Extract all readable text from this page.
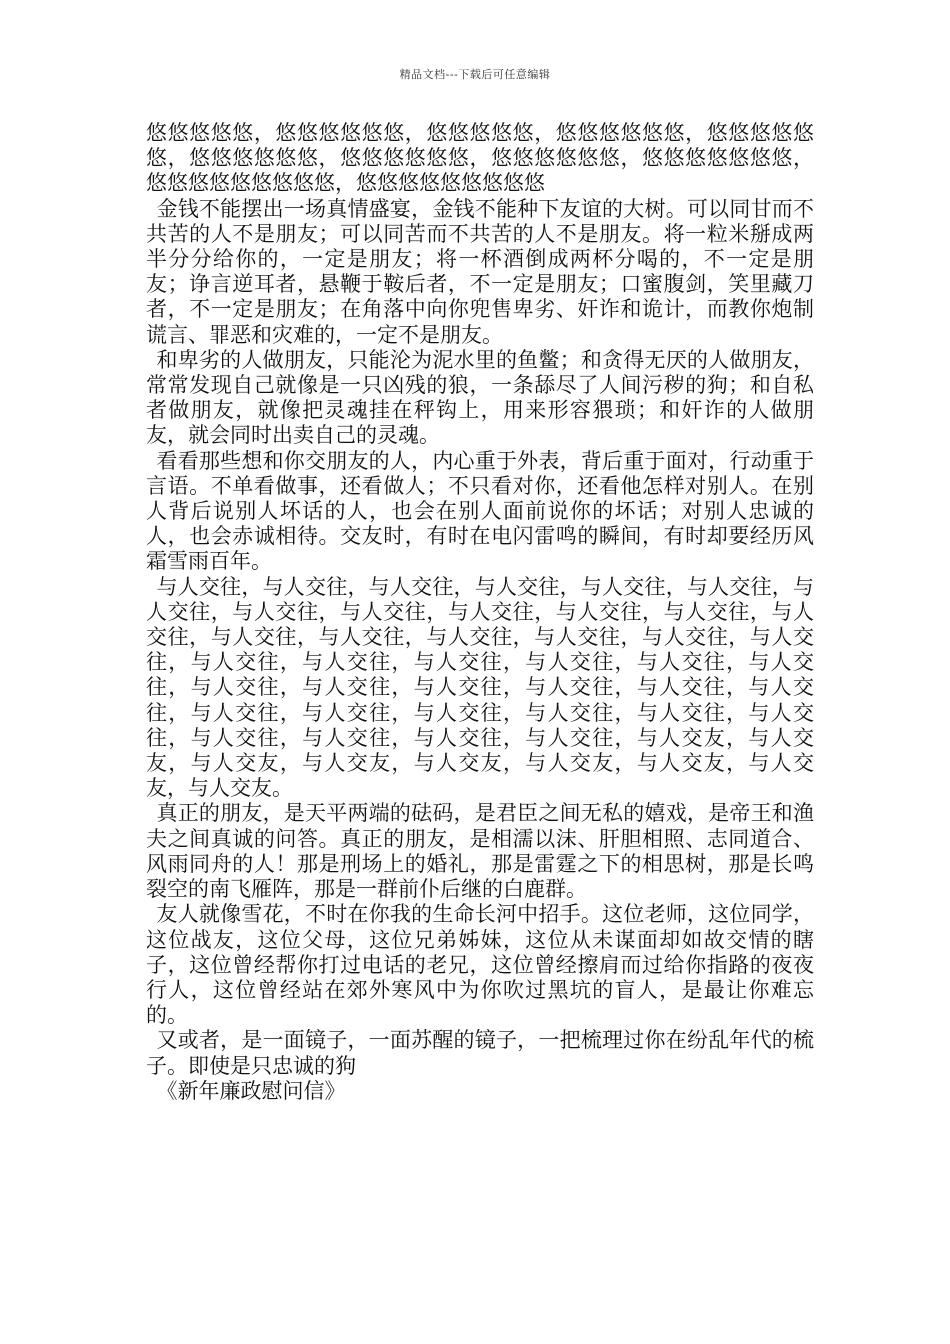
精品文档---下载后可任意编辑

悠悠悠悠悠，悠悠悠悠悠悠，悠悠悠悠悠，悠悠悠悠悠悠，悠悠悠悠悠悠，悠悠悠悠悠悠，悠悠悠悠悠悠，悠悠悠悠悠悠，悠悠悠悠悠悠悠，悠悠悠悠悠悠悠悠悠，悠悠悠悠悠悠悠悠悠

金钱不能摆出一场真情盛宴，金钱不能种下友谊的大树。可以同甘而不共苦的人不是朋友；可以同苦而不共苦的人不是朋友。将一粒米掰成两半分分给你的，一定是朋友；将一杯酒倒成两杯分喝的，不一定是朋友；诤言逆耳者，悬鞭于鞍后者，不一定是朋友；口蜜腹剑，笑里藏刀者，不一定是朋友；在角落中向你兜售卑劣、奸诈和诡计，而教你炮制谎言、罪恶和灾难的，一定不是朋友。

和卑劣的人做朋友，只能沦为泥水里的鱼鳖；和贪得无厌的人做朋友，常常发现自己就像是一只凶残的狼，一条舔尽了人间污秽的狗；和自私者做朋友，就像把灵魂挂在秤钩上，用来形容猥琐；和奸诈的人做朋友，就会同时出卖自己的灵魂。

看看那些想和你交朋友的人，内心重于外表，背后重于面对，行动重于言语。不单看做事，还看做人；不只看对你，还看他怎样对别人。在别人背后说别人坏话的人，也会在别人面前说你的坏话；对别人忠诚的人，也会赤诚相待。交友时，有时在电闪雷鸣的瞬间，有时却要经历风霜雪雨百年。

与人交往，与人交往，与人交往，与人交往，与人交往，与人交往，与人交往，与人交往，与人交往，与人交往，与人交往，与人交往，与人交往，与人交往，与人交往，与人交往，与人交往，与人交往，与人交往，与人交往，与人交往，与人交往，与人交往，与人交往，与人交往，与人交往，与人交往，与人交往，与人交往，与人交往，与人交往，与人交往，与人交往，与人交往，与人交往，与人交往，与人交往，与人交往，与人交往，与人交往，与人交往，与人交友，与人交友，与人交友，与人交友，与人交友，与人交友，与人交友，与人交友，与人交友。

真正的朋友，是天平两端的砝码，是君臣之间无私的嬉戏，是帝王和渔夫之间真诚的问答。真正的朋友，是相濡以沫、肝胆相照、志同道合、风雨同舟的人！那是刑场上的婚礼，那是雷霆之下的相思树，那是长鸣裂空的南飞雁阵，那是一群前仆后继的白鹿群。

友人就像雪花，不时在你我的生命长河中招手。这位老师，这位同学，这位战友，这位父母，这位兄弟姊妹，这位从未谋面却如故交情的瞎子，这位曾经帮你打过电话的老兄，这位曾经擦肩而过给你指路的夜夜行人，这位曾经站在郊外寒风中为你吹过黑坑的盲人，是最让你难忘的。

又或者，是一面镜子，一面苏醒的镜子，一把梳理过你在纷乱年代的梳子。即使是只忠诚的狗

《新年廉政慰问信》
